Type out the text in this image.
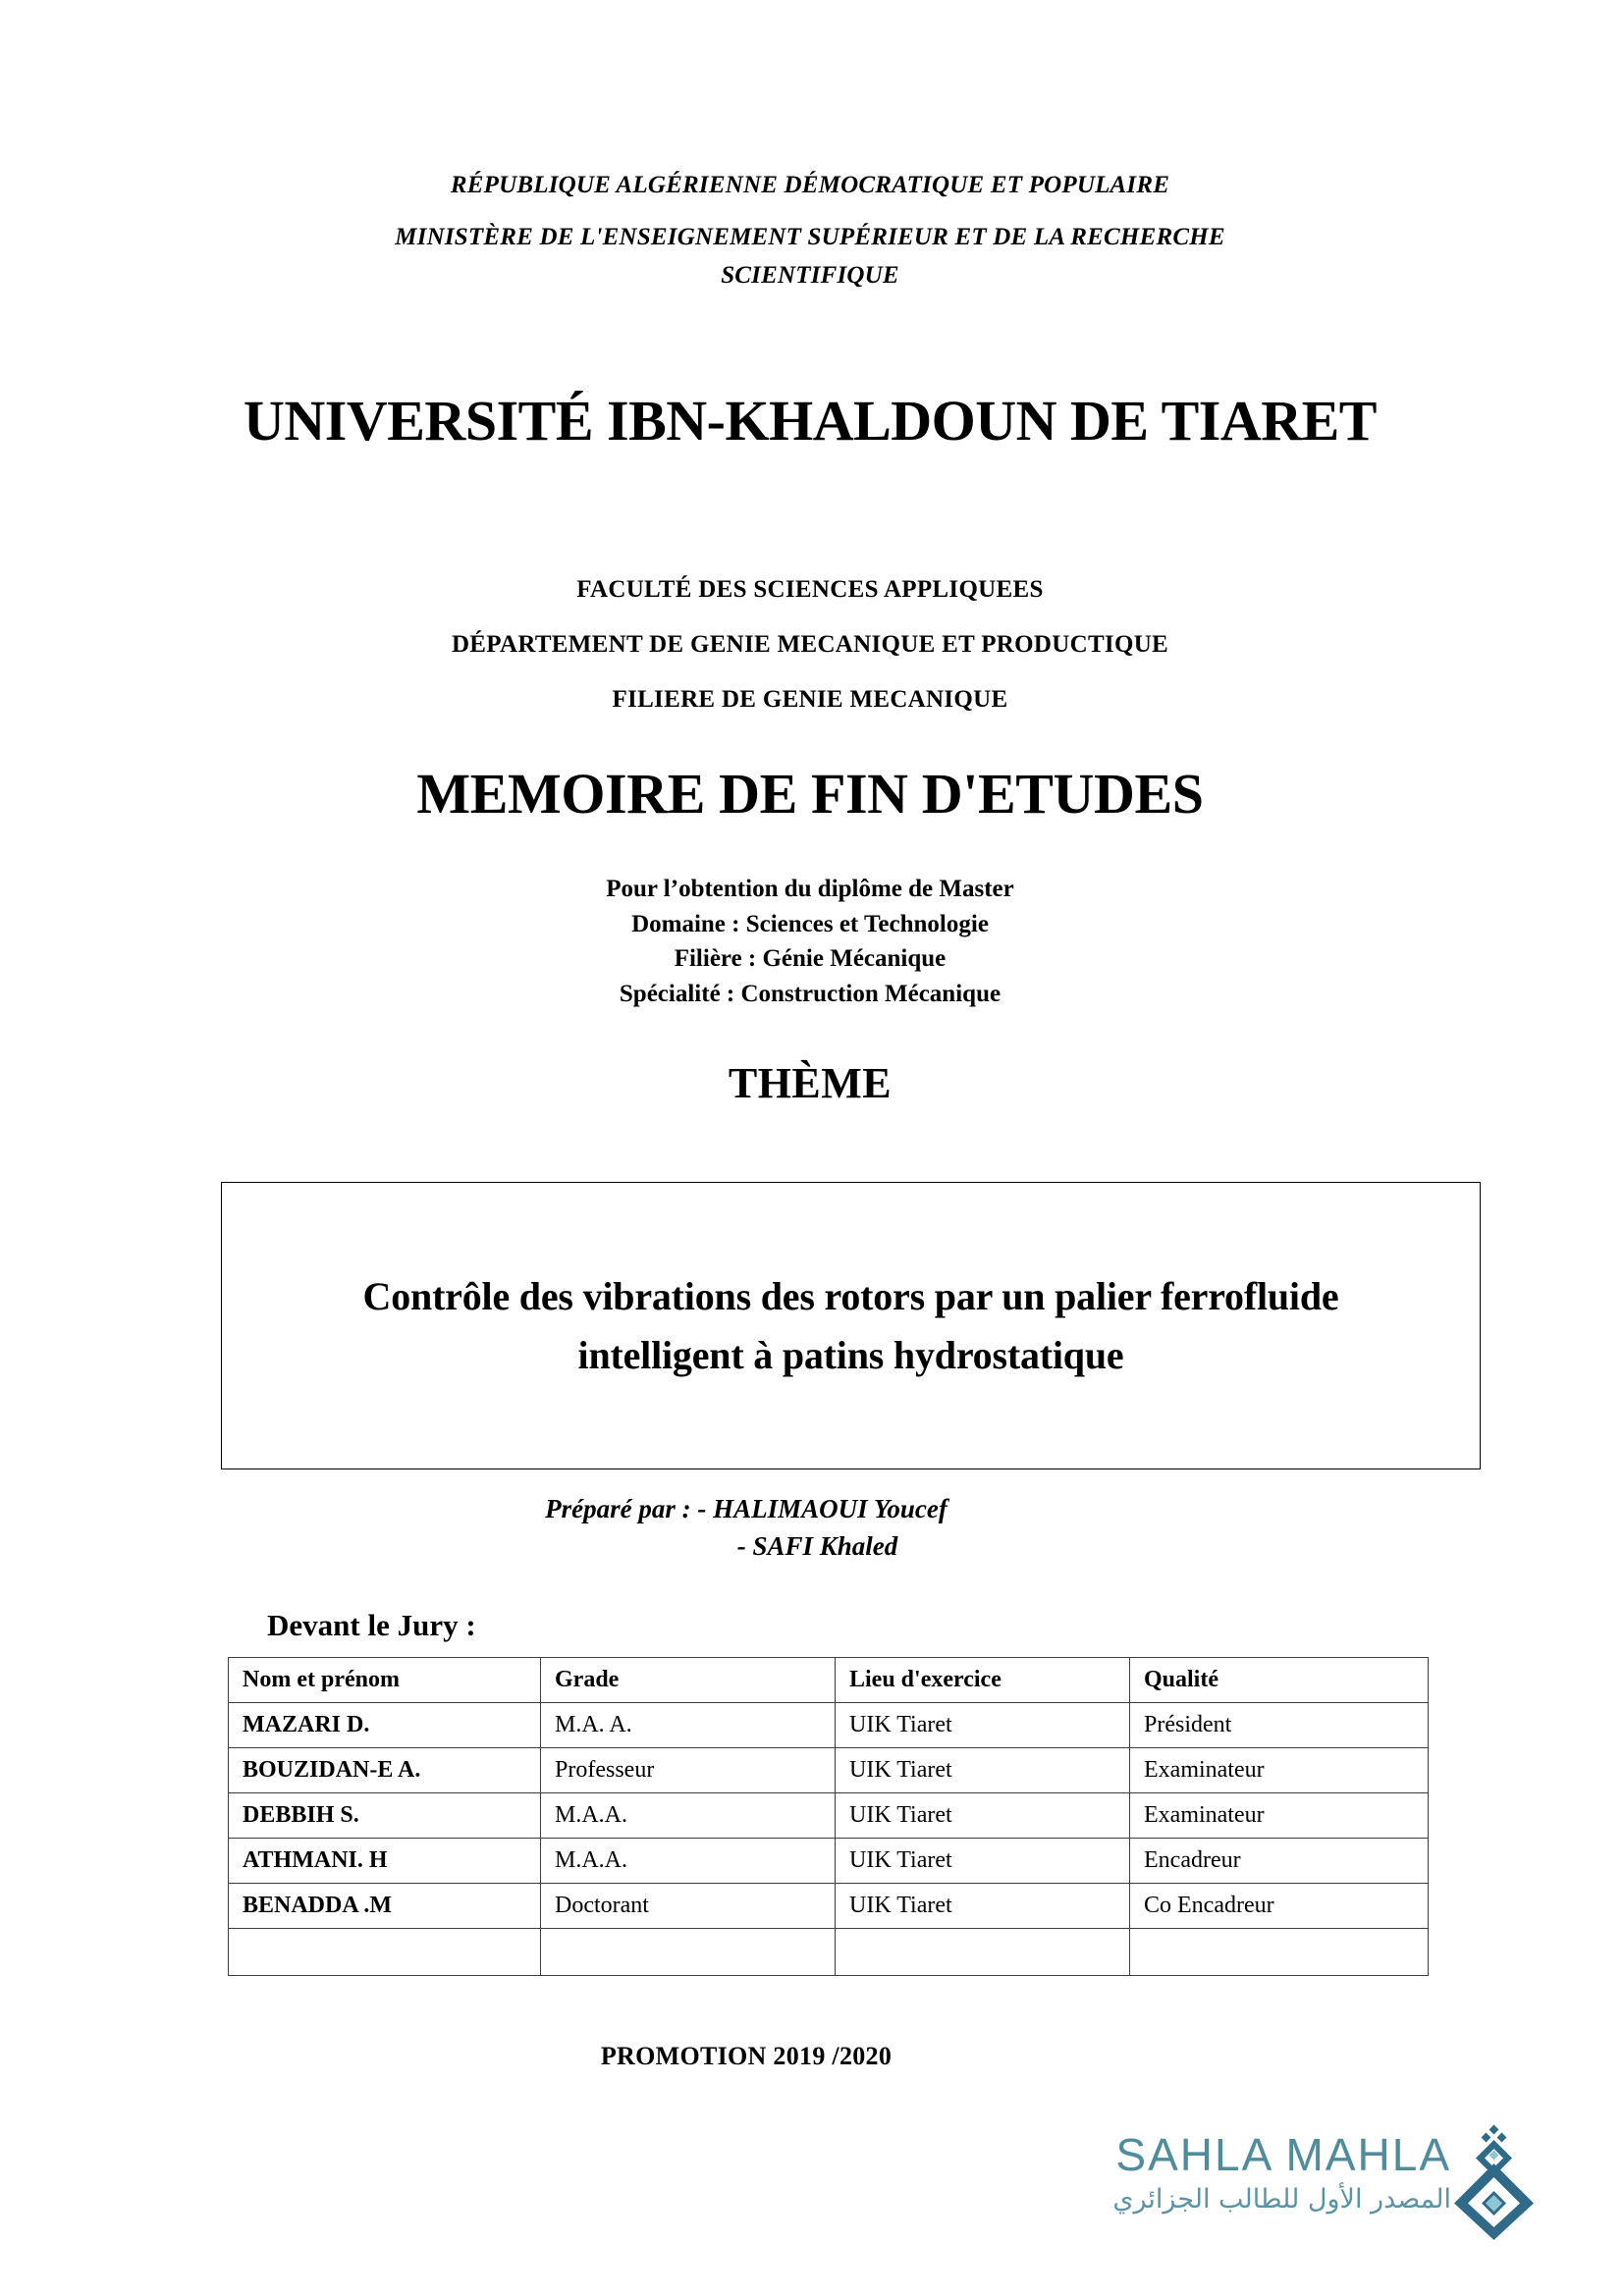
RÉPUBLIQUE ALGÉRIENNE DÉMOCRATIQUE ET POPULAIRE
MINISTÈRE DE L'ENSEIGNEMENT SUPÉRIEUR ET DE LA RECHERCHE SCIENTIFIQUE
UNIVERSITÉ IBN-KHALDOUN DE TIARET
FACULTÉ DES SCIENCES APPLIQUEES
DÉPARTEMENT DE GENIE MECANIQUE ET PRODUCTIQUE
FILIERE DE GENIE MECANIQUE
MEMOIRE DE FIN D'ETUDES
Pour l’obtention du diplôme de Master
Domaine : Sciences et Technologie
Filière : Génie Mécanique
Spécialité : Construction Mécanique
THÈME
Contrôle des vibrations des rotors par un palier ferrofluide intelligent à patins hydrostatique
Préparé par : - HALIMAOUI Youcef
- SAFI Khaled
Devant le Jury :
Nom et prénom	Grade	Lieu d'exercice	Qualité
MAZARI D.	M.A. A.	UIK Tiaret	Président
BOUZIDAN-E A.	Professeur	UIK Tiaret	Examinateur
DEBBIH S.	M.A.A.	UIK Tiaret	Examinateur
ATHMANI. H	M.A.A.	UIK Tiaret	Encadreur
BENADDA .M	Doctorant	UIK Tiaret	Co Encadreur

PROMOTION 2019 /2020
SAHLA MAHLA
المصدر الأول للطالب الجزائري
